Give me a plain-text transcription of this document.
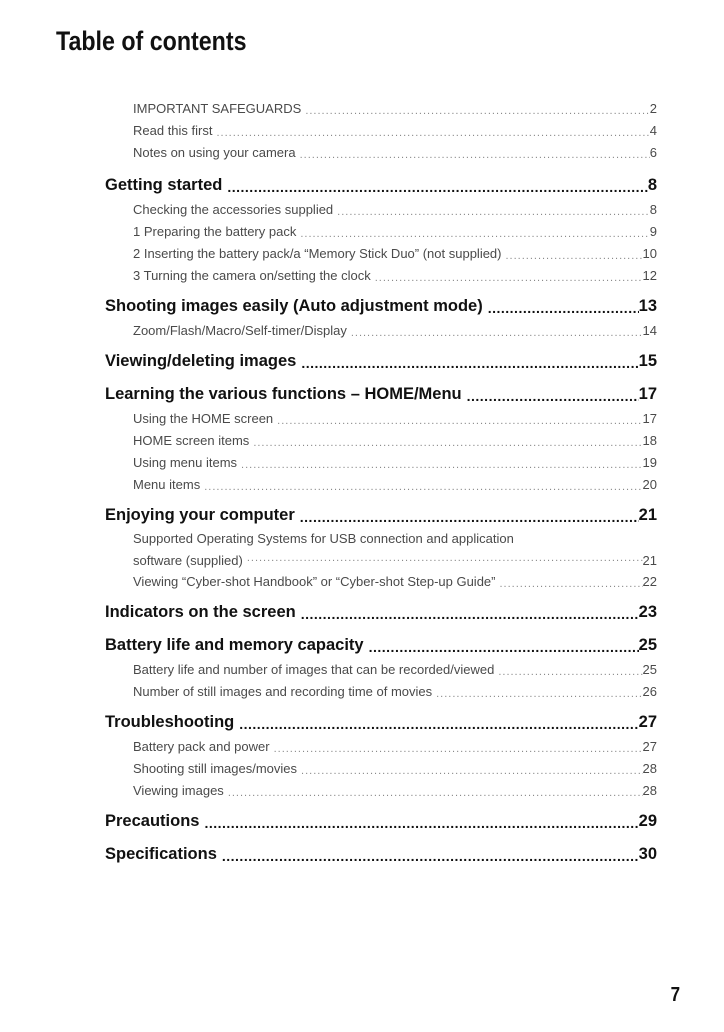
Table of contents
IMPORTANT SAFEGUARDS .....	2
Read this first .....	4
Notes on using your camera .....	6
Getting started .....	8
Checking the accessories supplied .....	8
1 Preparing the battery pack .....	9
2 Inserting the battery pack/a “Memory Stick Duo” (not supplied) .....	10
3 Turning the camera on/setting the clock .....	12
Shooting images easily (Auto adjustment mode) .....	13
Zoom/Flash/Macro/Self-timer/Display .....	14
Viewing/deleting images .....	15
Learning the various functions – HOME/Menu .....	17
Using the HOME screen .....	17
HOME screen items .....	18
Using menu items .....	19
Menu items .....	20
Enjoying your computer .....	21
Supported Operating Systems for USB connection and application
software (supplied) .....	21
Viewing “Cyber-shot Handbook” or “Cyber-shot Step-up Guide” .....	22
Indicators on the screen .....	23
Battery life and memory capacity .....	25
Battery life and number of images that can be recorded/viewed .....	25
Number of still images and recording time of movies .....	26
Troubleshooting .....	27
Battery pack and power .....	27
Shooting still images/movies .....	28
Viewing images .....	28
Precautions .....	29
Specifications .....	30
7
